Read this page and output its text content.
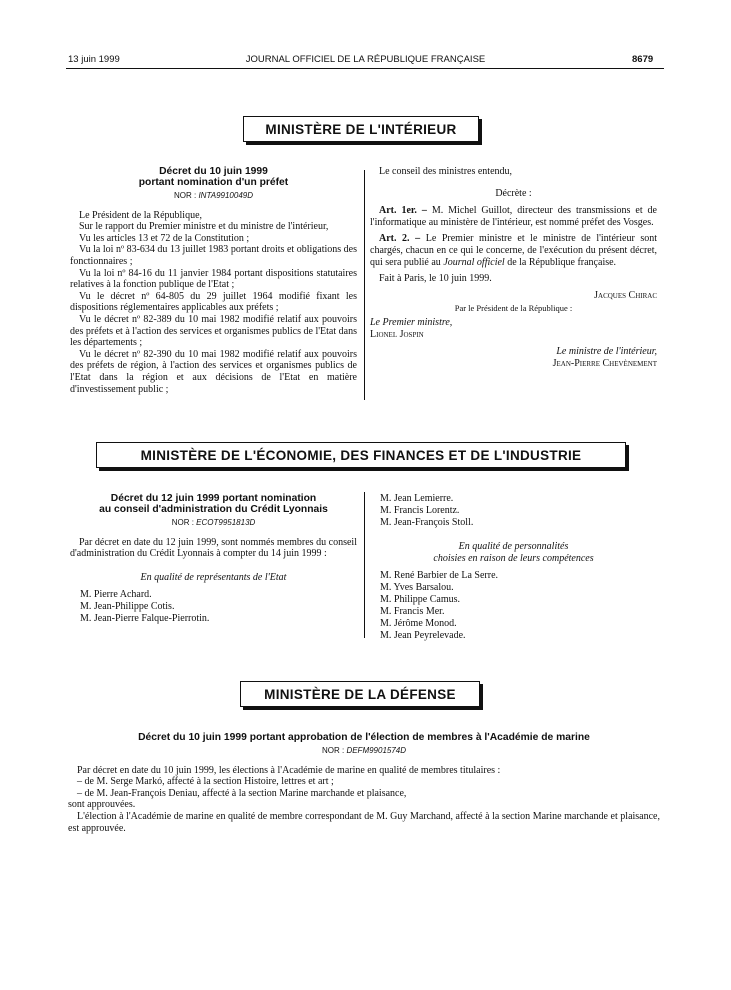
13 juin 1999	JOURNAL OFFICIEL DE LA RÉPUBLIQUE FRANÇAISE	8679
MINISTÈRE DE L'INTÉRIEUR
Décret du 10 juin 1999
portant nomination d'un préfet
NOR : INTA9910049D

Le Président de la République,

Sur le rapport du Premier ministre et du ministre de l'intérieur,

Vu les articles 13 et 72 de la Constitution ;

Vu la loi nº 83-634 du 13 juillet 1983 portant droits et obligations des fonctionnaires ;

Vu la loi nº 84-16 du 11 janvier 1984 portant dispositions statutaires relatives à la fonction publique de l'Etat ;

Vu le décret nº 64-805 du 29 juillet 1964 modifié fixant les dispositions réglementaires applicables aux préfets ;

Vu le décret nº 82-389 du 10 mai 1982 modifié relatif aux pouvoirs des préfets et à l'action des services et organismes publics de l'Etat dans les départements ;

Vu le décret nº 82-390 du 10 mai 1982 modifié relatif aux pouvoirs des préfets de région, à l'action des services et organismes publics de l'Etat dans la région et aux décisions de l'Etat en matière d'investissement public ;

Le conseil des ministres entendu,

Décrète :

Art. 1er. – M. Michel Guillot, directeur des transmissions et de l'informatique au ministère de l'intérieur, est nommé préfet des Vosges.

Art. 2. – Le Premier ministre et le ministre de l'intérieur sont chargés, chacun en ce qui le concerne, de l'exécution du présent décret, qui sera publié au Journal officiel de la République française.

Fait à Paris, le 10 juin 1999.

Jacques Chirac

Par le Président de la République :

Le Premier ministre,

Lionel Jospin

Le ministre de l'intérieur,

Jean-Pierre Chevènement

MINISTÈRE DE L'ÉCONOMIE, DES FINANCES ET DE L'INDUSTRIE
Décret du 12 juin 1999 portant nomination
au conseil d'administration du Crédit Lyonnais
NOR : ECOT9951813D

Par décret en date du 12 juin 1999, sont nommés membres du conseil d'administration du Crédit Lyonnais à compter du 14 juin 1999 :

En qualité de représentants de l'Etat

M. Pierre Achard.
M. Jean-Philippe Cotis.
M. Jean-Pierre Falque-Pierrotin.
M. Jean Lemierre.
M. Francis Lorentz.
M. Jean-François Stoll.

En qualité de personnalités

choisies en raison de leurs compétences

M. René Barbier de La Serre.
M. Yves Barsalou.
M. Philippe Camus.
M. Francis Mer.
M. Jérôme Monod.
M. Jean Peyrelevade.
MINISTÈRE DE LA DÉFENSE
Décret du 10 juin 1999 portant approbation de l'élection de membres à l'Académie de marine
NOR : DEFM9901574D

Par décret en date du 10 juin 1999, les élections à l'Académie de marine en qualité de membres titulaires :

– de M. Serge Markó, affecté à la section Histoire, lettres et art ;

– de M. Jean-François Deniau, affecté à la section Marine marchande et plaisance,

sont approuvées.

L'élection à l'Académie de marine en qualité de membre correspondant de M. Guy Marchand, affecté à la section Marine marchande et plaisance, est approuvée.
